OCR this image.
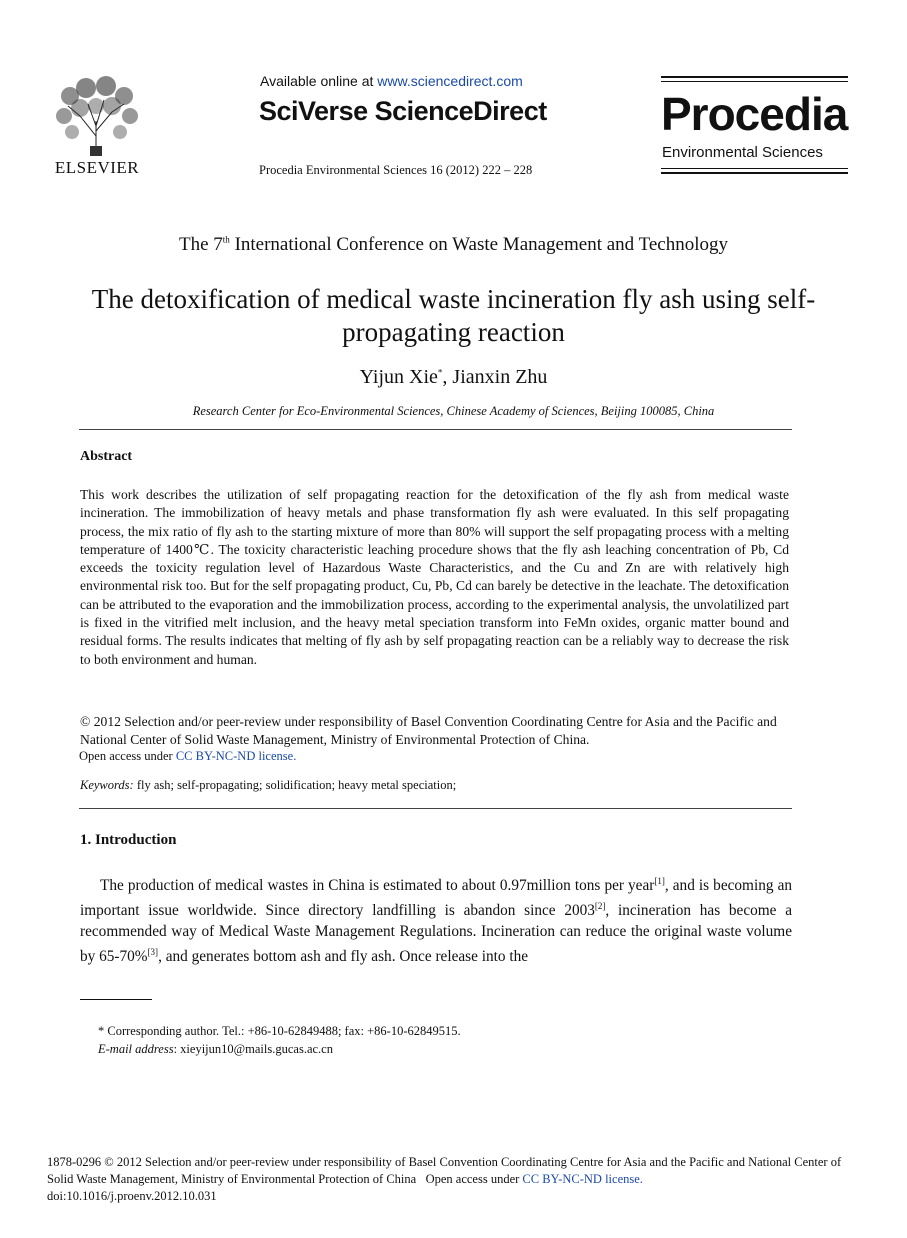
ELSEVIER
Available online at www.sciencedirect.com
SciVerse ScienceDirect
Procedia Environmental Sciences 16 (2012) 222 – 228
Procedia
Environmental Sciences
The 7th International Conference on Waste Management and Technology
The detoxification of medical waste incineration fly ash using self-propagating reaction
Yijun Xie*, Jianxin Zhu
Research Center for Eco-Environmental Sciences, Chinese Academy of Sciences, Beijing 100085, China
Abstract
This work describes the utilization of self propagating reaction for the detoxification of the fly ash from medical waste incineration. The immobilization of heavy metals and phase transformation fly ash were evaluated. In this self propagating process, the mix ratio of fly ash to the starting mixture of more than 80% will support the self propagating process with a melting temperature of 1400℃. The toxicity characteristic leaching procedure shows that the fly ash leaching concentration of Pb, Cd exceeds the toxicity regulation level of Hazardous Waste Characteristics, and the Cu and Zn are with relatively high environmental risk too. But for the self propagating product, Cu, Pb, Cd can barely be detective in the leachate. The detoxification can be attributed to the evaporation and the immobilization process, according to the experimental analysis, the unvolatilized part is fixed in the vitrified melt inclusion, and the heavy metal speciation transform into FeMn oxides, organic matter bound and residual forms. The results indicates that melting of fly ash by self propagating reaction can be a reliably way to decrease the risk to both environment and human.
© 2012 Selection and/or peer-review under responsibility of Basel Convention Coordinating Centre for Asia and the Pacific and National Center of Solid Waste Management, Ministry of Environmental Protection of China.
Open access under CC BY-NC-ND license.
Keywords: fly ash; self-propagating; solidification; heavy metal speciation;
1. Introduction

The production of medical wastes in China is estimated to about 0.97million tons per year[1], and is becoming an important issue worldwide. Since directory landfilling is abandon since 2003[2], incineration has become a recommended way of Medical Waste Management Regulations. Incineration can reduce the original waste volume by 65-70%[3], and generates bottom ash and fly ash. Once release into the

* Corresponding author. Tel.: +86-10-62849488; fax: +86-10-62849515.
E-mail address: xieyijun10@mails.gucas.ac.cn
1878-0296 © 2012 Selection and/or peer-review under responsibility of Basel Convention Coordinating Centre for Asia and the Pacific and National Center of Solid Waste Management, Ministry of Environmental Protection of China Open access under CC BY-NC-ND license.
doi:10.1016/j.proenv.2012.10.031
